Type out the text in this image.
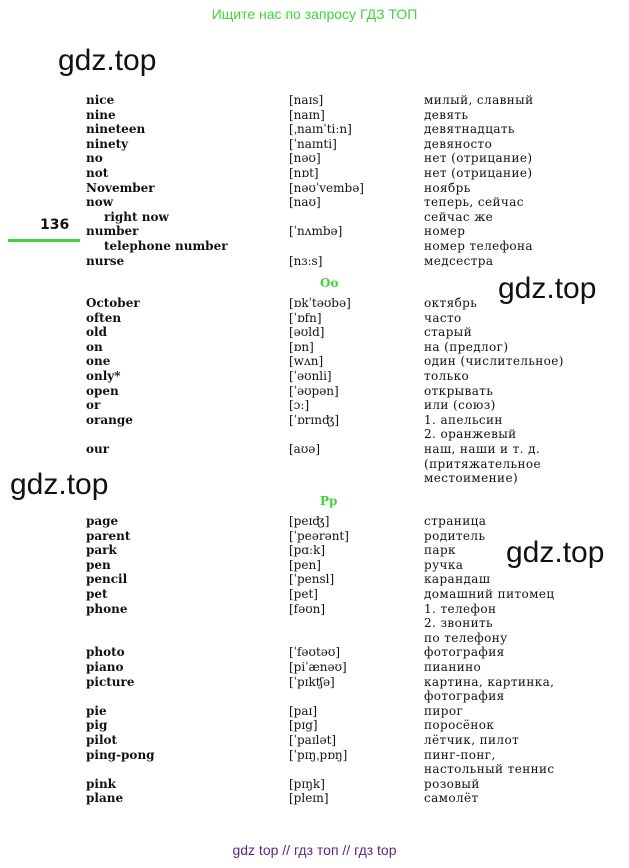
Ищите нас по запросу ГДЗ ТОП
gdz.top
gdz.top
gdz.top
gdz.top
136
Oo
Pp
nice	[naɪs]	милый, славный
nine	[naɪn]	девять
nineteen	[ˌnaɪnˈtiːn]	девятнадцать
ninety	[ˈnaɪnti]	девяносто
no	[nəʊ]	нет (отрицание)
not	[nɒt]	нет (отрицание)
November	[nəʊˈvembə]	ноябрь
now	[naʊ]	теперь, сейчас
right now	сейчас же
number	[ˈnʌmbə]	номер
telephone number	номер телефона
nurse	[nɜːs]	медсестра
October	[ɒkˈtəʊbə]	октябрь
often	[ˈɒfn]	часто
old	[əʊld]	старый
on	[ɒn]	на (предлог)
one	[wʌn]	один (числительное)
only*	[ˈəʊnli]	только
open	[ˈəʊpən]	открывать
or	[ɔː]	или (союз)
orange	[ˈɒrɪnʤ]	1. апельсин
2. оранжевый
our	[aʊə]	наш, наши и т. д.
(притяжательное
местоимение)
page	[peɪʤ]	страница
parent	[ˈpeərənt]	родитель
park	[pɑːk]	парк
pen	[pen]	ручка
pencil	[ˈpensl]	карандаш
pet	[pet]	домашний питомец
phone	[fəʊn]	1. телефон
2. звонить
по телефону
photo	[ˈfəʊtəʊ]	фотография
piano	[piˈænəʊ]	пианино
picture	[ˈpɪkʧə]	картина, картинка,
фотография
pie	[paɪ]	пирог
pig	[pɪg]	поросёнок
pilot	[ˈpaɪlət]	лётчик, пилот
ping-pong	[ˈpɪŋˌpɒŋ]	пинг-понг,
настольный теннис
pink	[pɪŋk]	розовый
plane	[pleɪn]	самолёт
gdz top // гдз топ // гдз top
